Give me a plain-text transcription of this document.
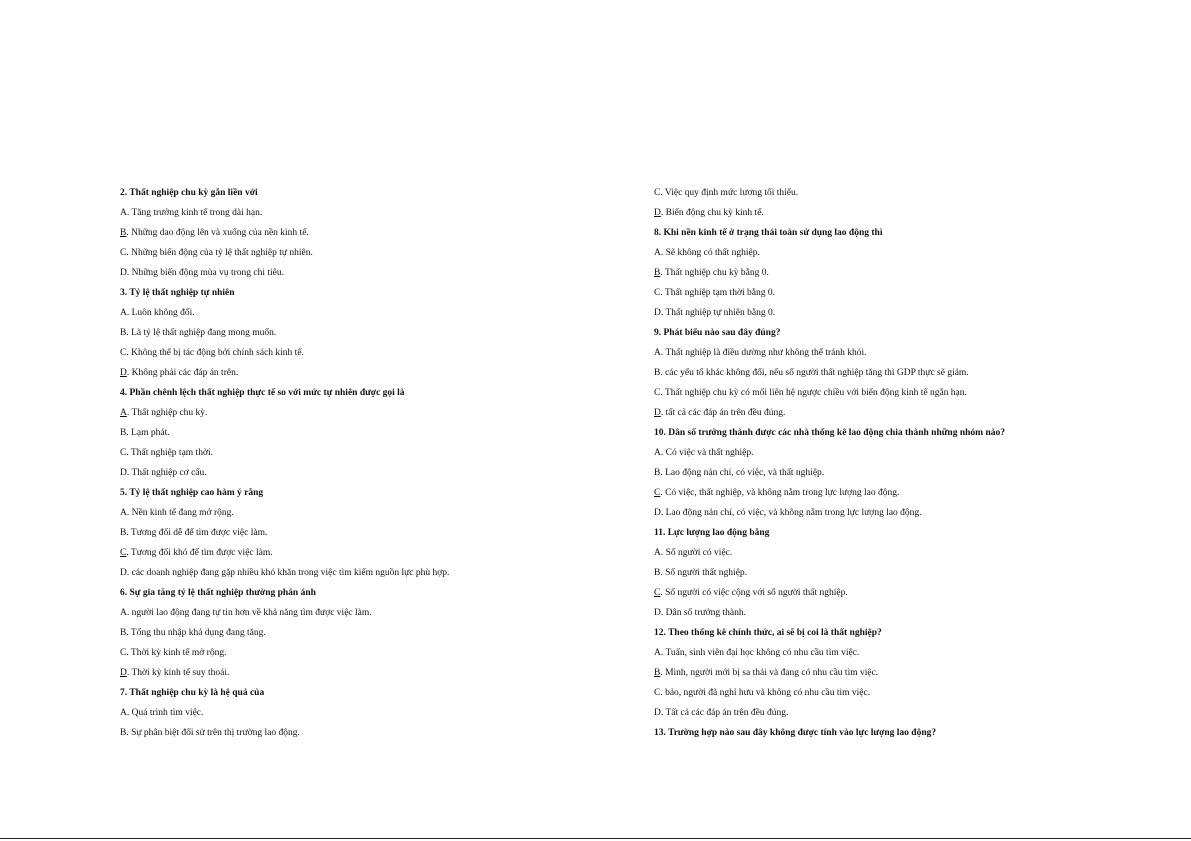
2. Thất nghiệp chu kỳ gắn liền với
A. Tăng trưởng kinh tế trong dài hạn.
B. Những dao động lên và xuống của nền kinh tế.
C. Những biến động của tỷ lệ thất nghiệp tự nhiên.
D. Những biến động mùa vụ trong chi tiêu.
3. Tỷ lệ thất nghiệp tự nhiên
A. Luôn không đổi.
B. Là tỷ lệ thất nghiệp đang mong muốn.
C. Không thể bị tác động bởi chính sách kinh tế.
D. Không phải các đáp án trên.
4. Phần chênh lệch thất nghiệp thực tế so với mức tự nhiên được gọi là
A. Thất nghiệp chu kỳ.
B. Lạm phát.
C. Thất nghiệp tạm thời.
D. Thất nghiệp cơ cấu.
5. Tỷ lệ thất nghiệp cao hàm ý rằng
A. Nền kinh tế đang mở rộng.
B. Tương đối dễ để tìm được việc làm.
C. Tương đối khó để tìm được việc làm.
D. các doanh nghiệp đang gặp nhiều khó khăn trong việc tìm kiếm nguồn lực phù hợp.
6. Sự gia tăng tỷ lệ thất nghiệp thường phản ánh
A. người lao động đang tự tin hơn về khả năng tìm được việc làm.
B. Tổng thu nhập khả dụng đang tăng.
C. Thời kỳ kinh tế mở rộng.
D. Thời kỳ kinh tế suy thoái.
7. Thất nghiệp chu kỳ là hệ quả của
A. Quá trình tìm việc.
B. Sự phân biệt đối sử trên thị trường lao động.
C. Việc quy định mức lương tối thiểu.
D. Biến động chu kỳ kinh tế.
8. Khi nền kinh tế ở trạng thái toàn sử dụng lao động thì
A. Sẽ không có thất nghiệp.
B. Thất nghiệp chu kỳ bằng 0.
C. Thất nghiệp tạm thời bằng 0.
D. Thất nghiệp tự nhiên bằng 0.
9. Phát biểu nào sau đây đúng?
A. Thất nghiệp là điều dường như không thể tránh khỏi.
B. các yếu tố khác không đổi, nếu số người thất nghiệp tăng thì GDP thực sẽ giảm.
C. Thất nghiệp chu kỳ có mối liên hệ ngược chiều với biến động kinh tế ngắn hạn.
D. tất cả các đáp án trên đều đúng.
10. Dân số trưởng thành được các nhà thống kê lao động chia thành những nhóm nào?
A. Có việc và thất nghiệp.
B. Lao động nản chí, có việc, và thất nghiệp.
C. Có việc, thất nghiệp, và không nằm trong lực lượng lao động.
D. Lao động nản chí, có việc, và không nằm trong lực lượng lao động.
11. Lực lượng lao động bằng
A. Số người có việc.
B. Số người thất nghiệp.
C. Số người có việc cộng với số người thất nghiệp.
D. Dân số trưởng thành.
12. Theo thống kê chính thức, ai sẽ bị coi là thất nghiệp?
A. Tuấn, sinh viên đại học không có nhu cầu tìm việc.
B. Minh, người mới bị sa thải và đang có nhu cầu tìm việc.
C. bảo, người đã nghỉ hưu và không có nhu cầu tìm việc.
D. Tất cả các đáp án trên đều đúng.
13. Trường hợp nào sau đây không được tính vào lực lượng lao động?
